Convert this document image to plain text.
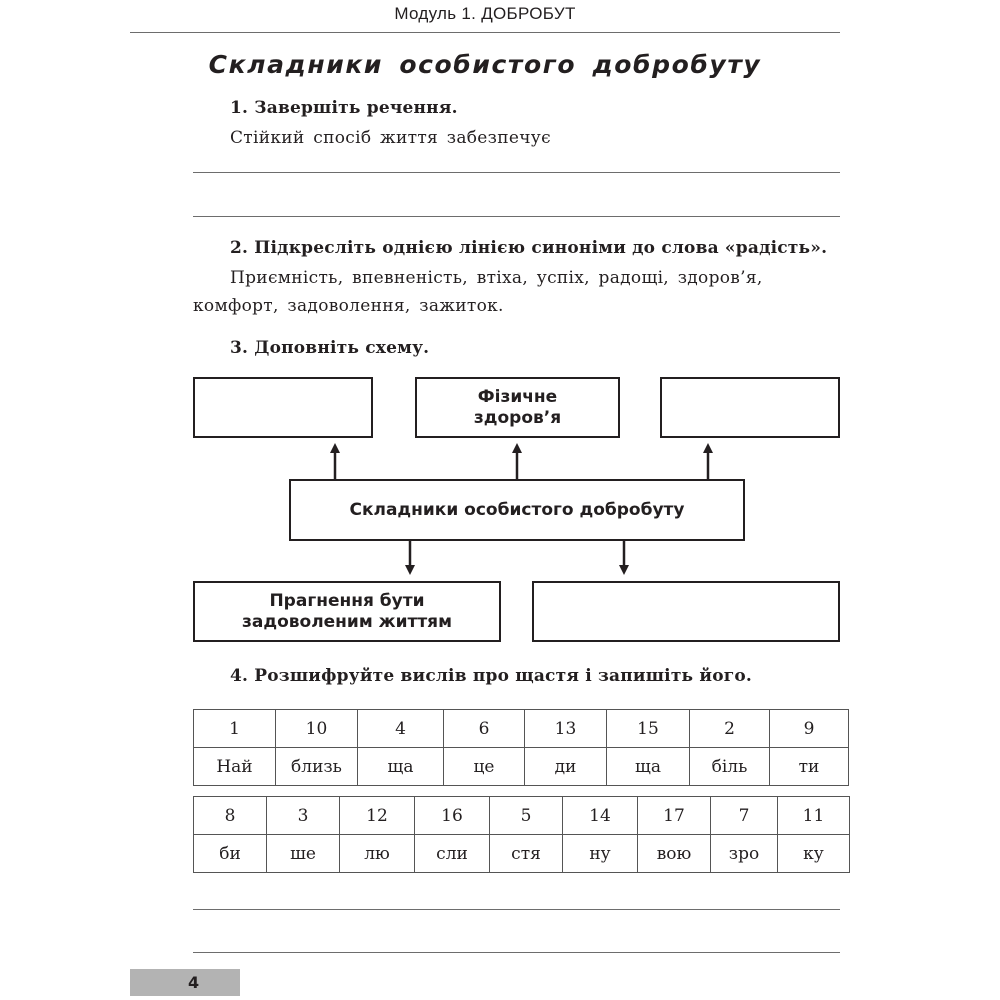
Модуль 1. ДОБРОБУТ
Складники особистого добробуту
1. Завершіть речення.
Стійкий спосіб життя забезпечує
2. Підкресліть однією лінією синоніми до слова «радість».
Приємність, впевненість, втіха, успіх, радощі, здоров’я,
комфорт, задоволення, зажиток.
3. Доповніть схему.
Фізичне
здоров’я
Складники особистого добробуту
Прагнення бути
задоволеним життям
4. Розшифруйте вислів про щастя і запишіть його.
1	10	4	6	13	15	2	9
Най	близь	ща	це	ди	ща	біль	ти
8	3	12	16	5	14	17	7	11
би	ше	лю	сли	стя	ну	вою	зро	ку
4
